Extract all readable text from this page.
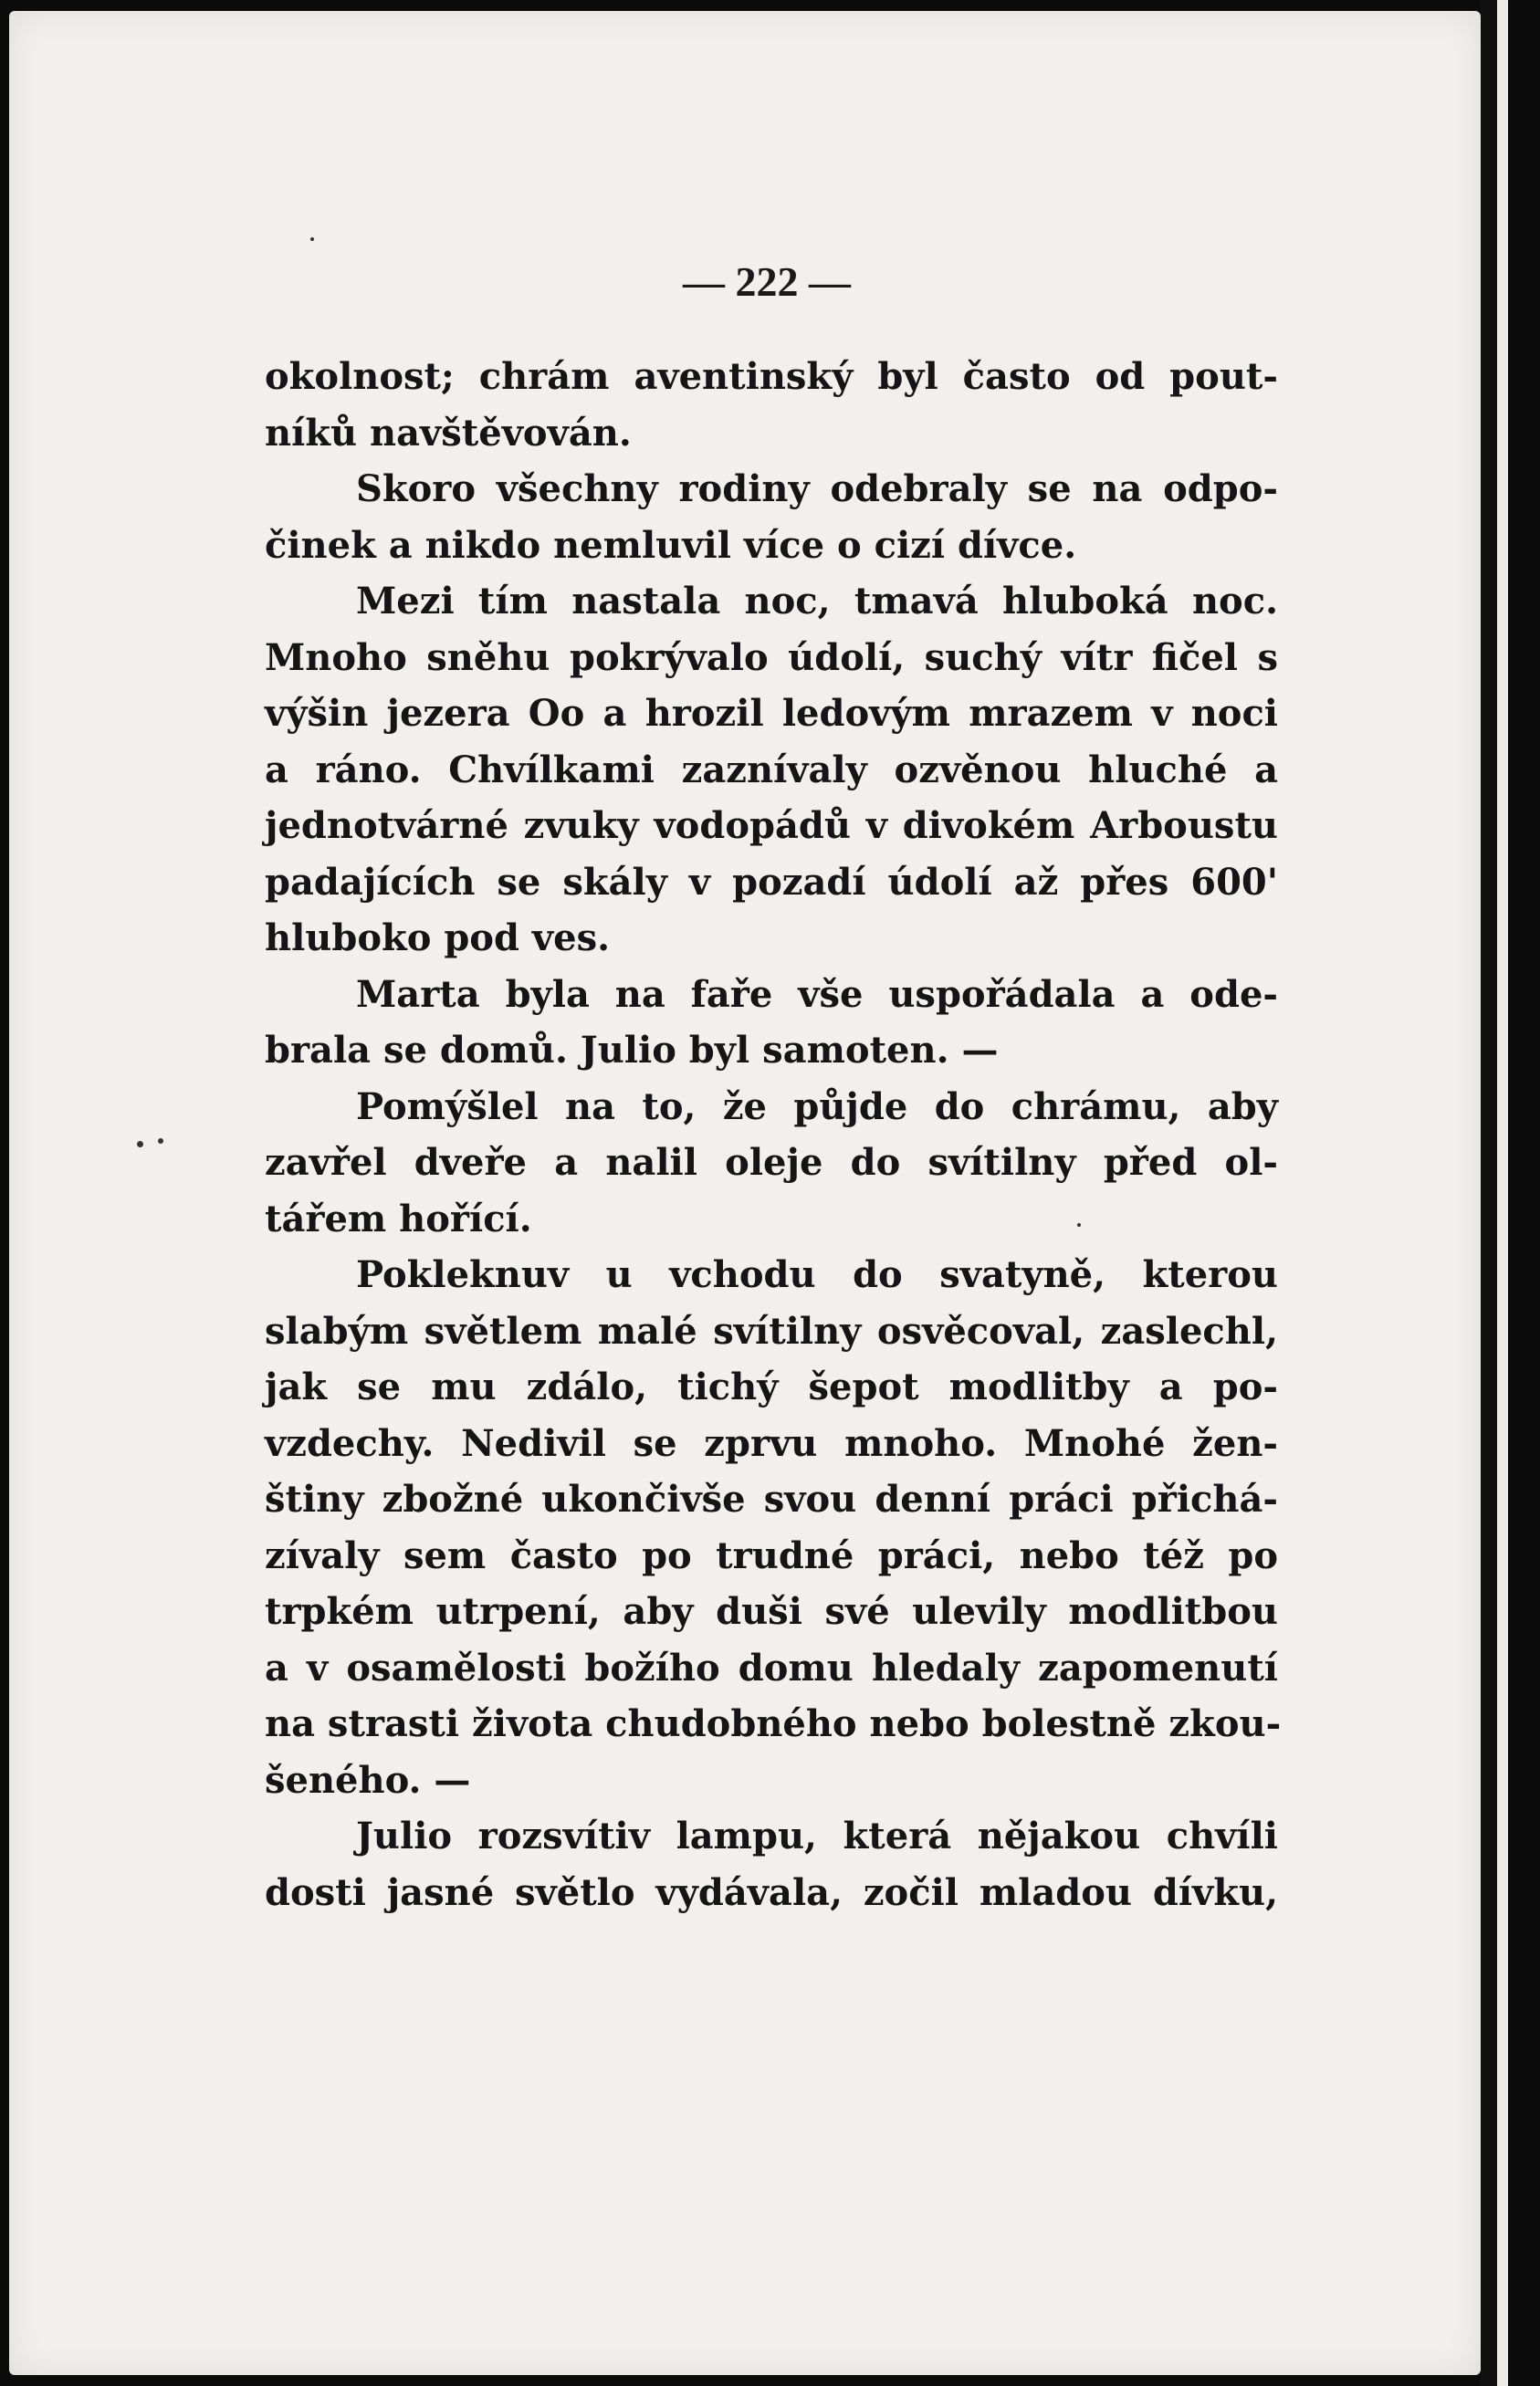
— 222 —
okolnost; chrám aventinský byl často od pout-
níků navštěvován.
Skoro všechny rodiny odebraly se na odpo-
činek a nikdo nemluvil více o cizí dívce.
Mezi tím nastala noc, tmavá hluboká noc.
Mnoho sněhu pokrývalo údolí, suchý vítr fičel s
výšin jezera Oo a hrozil ledovým mrazem v noci
a ráno. Chvílkami zaznívaly ozvěnou hluché a
jednotvárné zvuky vodopádů v divokém Arboustu
padajících se skály v pozadí údolí až přes 600'
hluboko pod ves.
Marta byla na faře vše uspořádala a ode-
brala se domů. Julio byl samoten. —
Pomýšlel na to, že půjde do chrámu, aby
zavřel dveře a nalil oleje do svítilny před ol-
tářem hořící.
Pokleknuv u vchodu do svatyně, kterou
slabým světlem malé svítilny osvěcoval, zaslechl,
jak se mu zdálo, tichý šepot modlitby a po-
vzdechy. Nedivil se zprvu mnoho. Mnohé žen-
štiny zbožné ukončivše svou denní práci přichá-
zívaly sem často po trudné práci, nebo též po
trpkém utrpení, aby duši své ulevily modlitbou
a v osamělosti božího domu hledaly zapomenutí
na strasti života chudobného nebo bolestně zkou-
šeného. —
Julio rozsvítiv lampu, která nějakou chvíli
dosti jasné světlo vydávala, zočil mladou dívku,
